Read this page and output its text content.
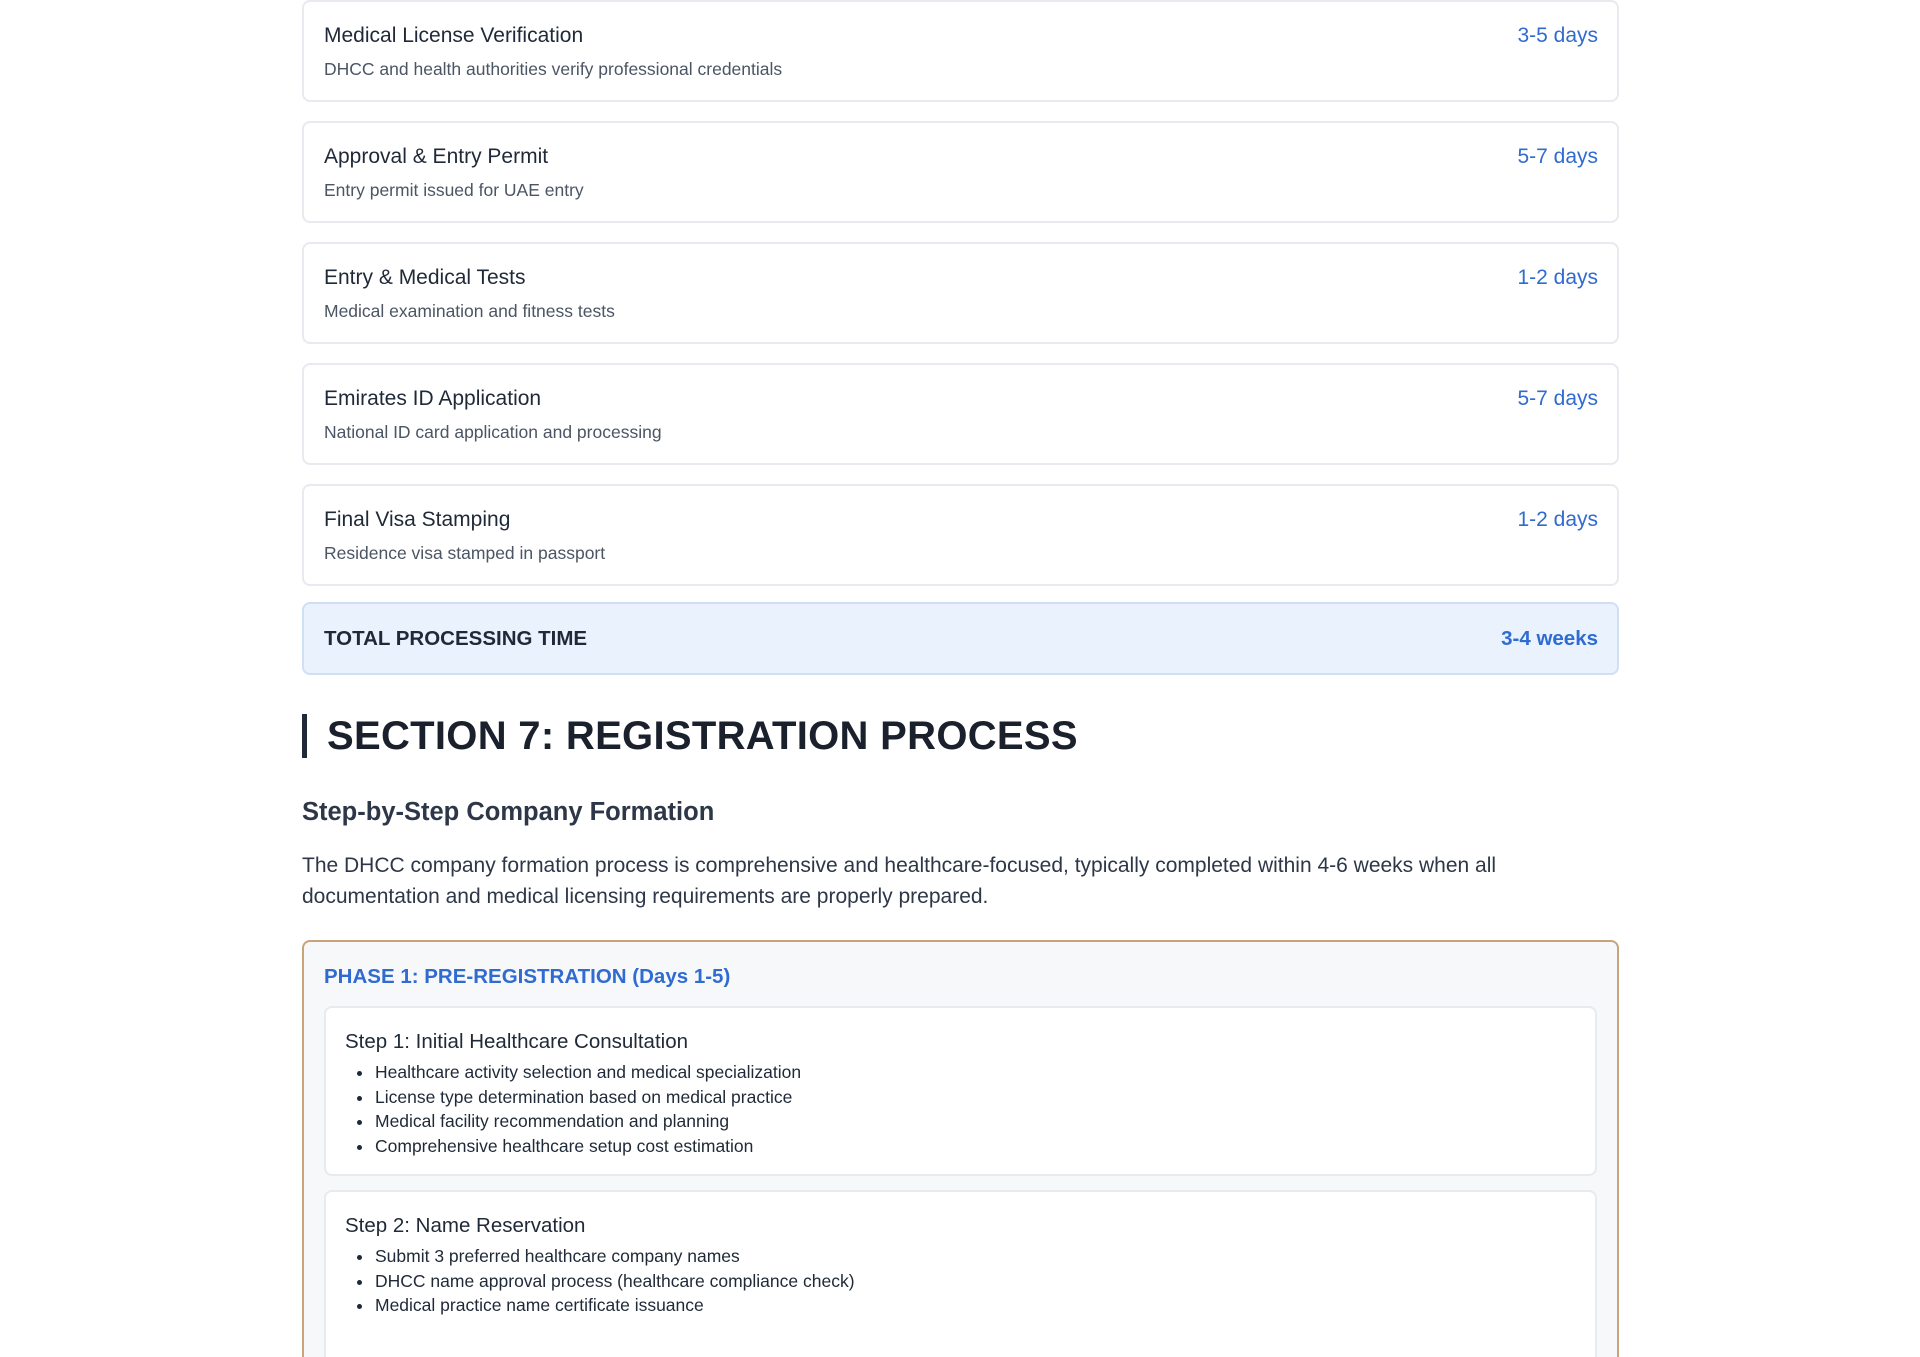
Medical License Verification
DHCC and health authorities verify professional credentials
3-5 days
Approval & Entry Permit
Entry permit issued for UAE entry
5-7 days
Entry & Medical Tests
Medical examination and fitness tests
1-2 days
Emirates ID Application
National ID card application and processing
5-7 days
Final Visa Stamping
Residence visa stamped in passport
1-2 days
TOTAL PROCESSING TIME	3-4 weeks
SECTION 7: REGISTRATION PROCESS
Step-by-Step Company Formation

The DHCC company formation process is comprehensive and healthcare-focused, typically completed within 4-6 weeks when all documentation and medical licensing requirements are properly prepared.

PHASE 1: PRE-REGISTRATION (Days 1-5)
Step 1: Initial Healthcare Consultation
• Healthcare activity selection and medical specialization
• License type determination based on medical practice
• Medical facility recommendation and planning
• Comprehensive healthcare setup cost estimation
Step 2: Name Reservation
• Submit 3 preferred healthcare company names
• DHCC name approval process (healthcare compliance check)
• Medical practice name certificate issuance
